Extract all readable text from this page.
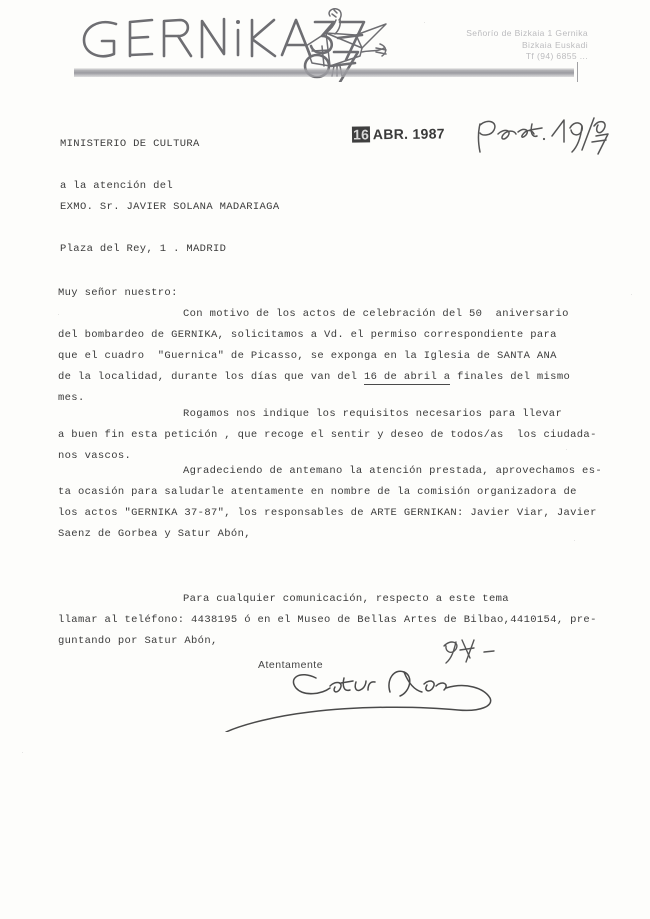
Señorío de Bizkaia 1 Gernika
Bizkaia Euskadi
Tf (94) 6855 ...
16 ABR. 1987
MINISTERIO DE CULTURA

a la atención del
EXMO. Sr. JAVIER SOLANA MADARIAGA

Plaza del Rey, 1 . MADRID
Muy señor nuestro:
Con motivo de los actos de celebración del 50  aniversario
del bombardeo de GERNIKA, solicitamos a Vd. el permiso correspondiente para
que el cuadro  "Guernica" de Picasso, se exponga en la Iglesia de SANTA ANA
de la localidad, durante los días que van del 16 de abril a finales del mismo
mes.
Rogamos nos indique los requisitos necesarios para llevar
a buen fin esta petición , que recoge el sentir y deseo de todos/as  los ciudada-
nos vascos.
Agradeciendo de antemano la atención prestada, aprovechamos es-
ta ocasión para saludarle atentamente en nombre de la comisión organizadora de
los actos "GERNIKA 37-87", los responsables de ARTE GERNIKAN: Javier Viar, Javier
Saenz de Gorbea y Satur Abón,
Para cualquier comunicación, respecto a este tema
llamar al teléfono: 4438195 ó en el Museo de Bellas Artes de Bilbao,4410154, pre-
guntando por Satur Abón,
Atentamente
